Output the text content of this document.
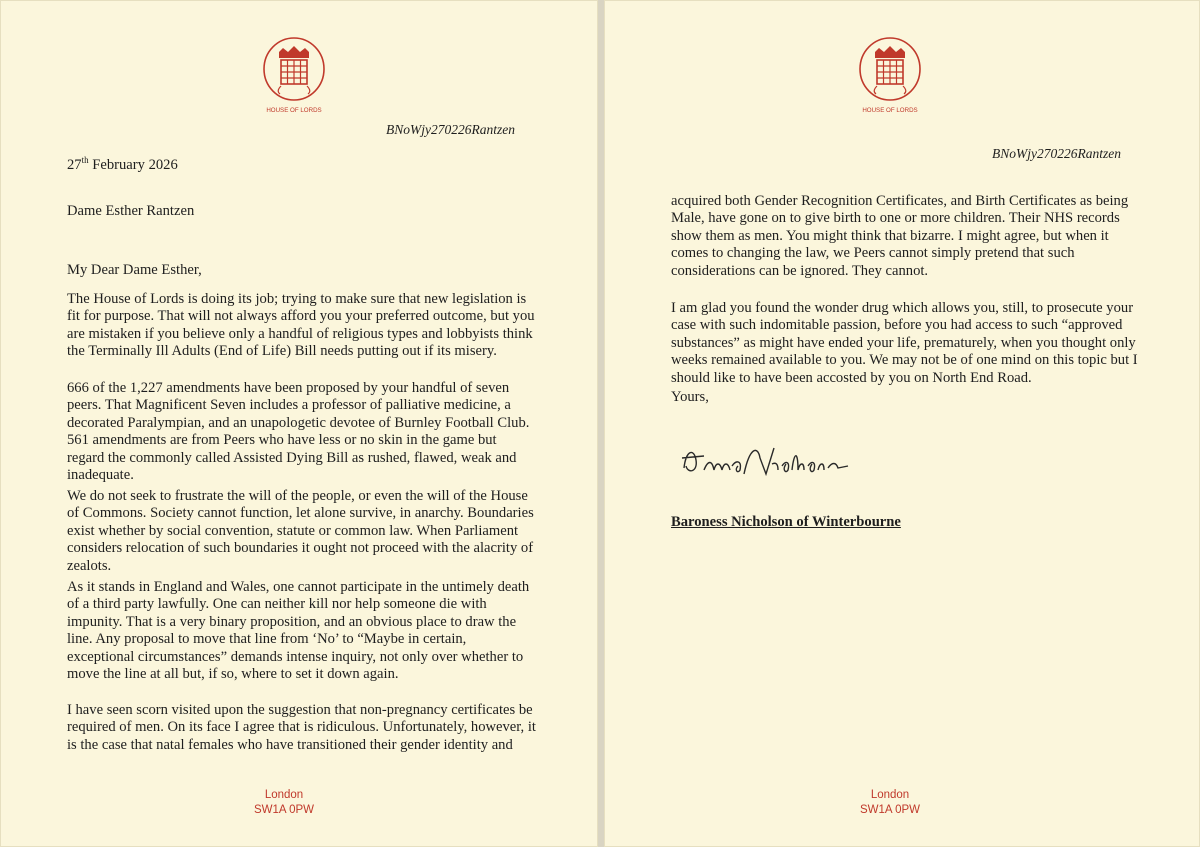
HOUSE OF LORDS
BNoWjy270226Rantzen
27th February 2026
Dame Esther Rantzen
My Dear Dame Esther,

The House of Lords is doing its job; trying to make sure that new legislation is fit for purpose. That will not always afford you your preferred outcome, but you are mistaken if you believe only a handful of religious types and lobbyists think the Terminally Ill Adults (End of Life) Bill needs putting out if its misery.

666 of the 1,227 amendments have been proposed by your handful of seven peers. That Magnificent Seven includes a professor of palliative medicine, a decorated Paralympian, and an unapologetic devotee of Burnley Football Club. 561 amendments are from Peers who have less or no skin in the game but regard the commonly called Assisted Dying Bill as rushed, flawed, weak and inadequate.

We do not seek to frustrate the will of the people, or even the will of the House of Commons. Society cannot function, let alone survive, in anarchy. Boundaries exist whether by social convention, statute or common law. When Parliament considers relocation of such boundaries it ought not proceed with the alacrity of zealots.

As it stands in England and Wales, one cannot participate in the untimely death of a third party lawfully. One can neither kill nor help someone die with impunity. That is a very binary proposition, and an obvious place to draw the line. Any proposal to move that line from ‘No’ to “Maybe in certain, exceptional circumstances” demands intense inquiry, not only over whether to move the line at all but, if so, where to set it down again.

I have seen scorn visited upon the suggestion that non-pregnancy certificates be required of men. On its face I agree that is ridiculous. Unfortunately, however, it is the case that natal females who have transitioned their gender identity and

London
SW1A 0PW
HOUSE OF LORDS
BNoWjy270226Rantzen

acquired both Gender Recognition Certificates, and Birth Certificates as being Male, have gone on to give birth to one or more children. Their NHS records show them as men. You might think that bizarre. I might agree, but when it comes to changing the law, we Peers cannot simply pretend that such considerations can be ignored. They cannot.

I am glad you found the wonder drug which allows you, still, to prosecute your case with such indomitable passion, before you had access to such “approved substances” as might have ended your life, prematurely, when you thought only weeks remained available to you. We may not be of one mind on this topic but I should like to have been accosted by you on North End Road.

Yours,

Baroness Nicholson of Winterbourne
London
SW1A 0PW
